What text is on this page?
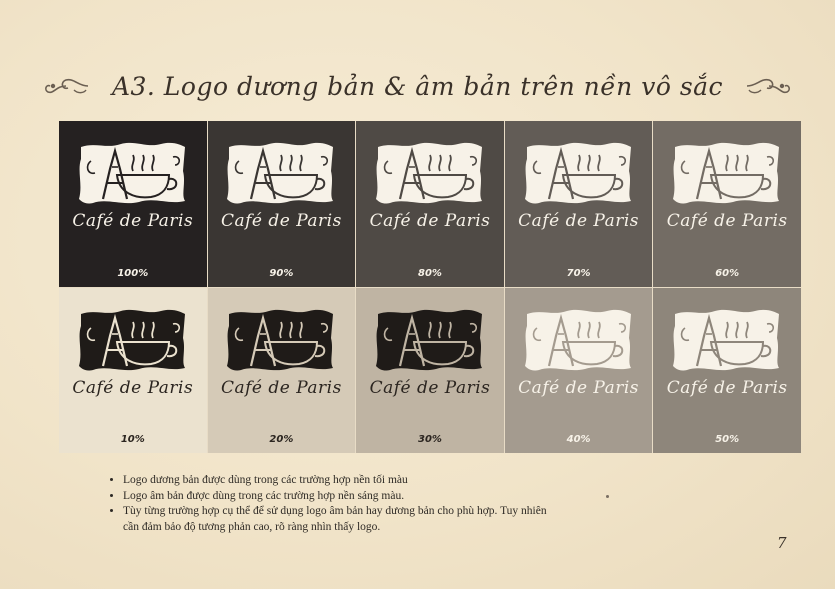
A3. Logo dương bản & âm bản trên nền vô sắc
Café de Paris
100%
Café de Paris
90%
Café de Paris
80%
Café de Paris
70%
Café de Paris
60%
Café de Paris
10%
Café de Paris
20%
Café de Paris
30%
Café de Paris
40%
Café de Paris
50%
• Logo dương bản được dùng trong các trường hợp nền tối màu
• Logo âm bản được dùng trong các trường hợp nền sáng màu.
• Tùy từng trường hợp cụ thể để sử dụng logo âm bản hay dương bản cho phù hợp. Tuy nhiên cần đảm bảo độ tương phản cao, rõ ràng nhìn thấy logo.
7
